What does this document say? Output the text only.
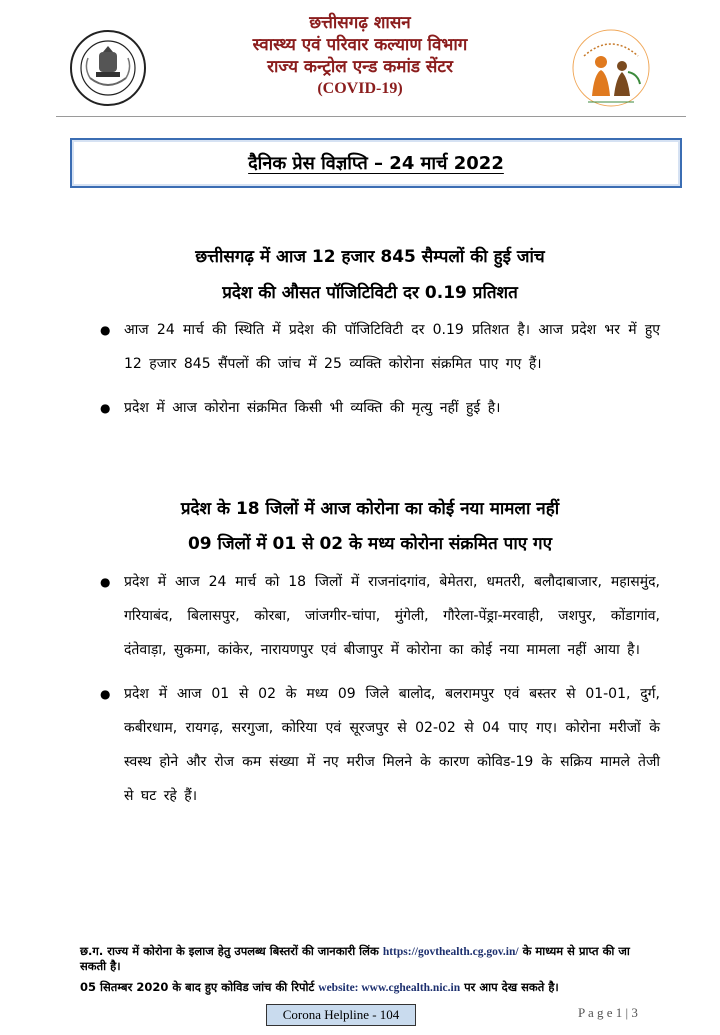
छत्तीसगढ़ शासन
स्वास्थ्य एवं परिवार कल्याण विभाग
राज्य कन्ट्रोल एन्ड कमांड सेंटर
(COVID-19)
दैनिक प्रेस विज्ञप्ति – 24 मार्च 2022
छत्तीसगढ़ में आज 12 हजार 845 सैम्पलों की हुई जांच
प्रदेश की औसत पॉजिटिविटी दर 0.19 प्रतिशत
● आज 24 मार्च की स्थिति में प्रदेश की पॉजिटिविटी दर 0.19 प्रतिशत है। आज प्रदेश भर में हुए 12 हजार 845 सैंपलों की जांच में 25 व्यक्ति कोरोना संक्रमित पाए गए हैं।
● प्रदेश में आज कोरोना संक्रमित किसी भी व्यक्ति की मृत्यु नहीं हुई है।
प्रदेश के 18 जिलों में आज कोरोना का कोई नया मामला नहीं
09 जिलों में 01 से 02 के मध्य कोरोना संक्रमित पाए गए
● प्रदेश में आज 24 मार्च को 18 जिलों में राजनांदगांव, बेमेतरा, धमतरी, बलौदाबाजार, महासमुंद, गरियाबंद, बिलासपुर, कोरबा, जांजगीर-चांपा, मुंगेली, गौरेला-पेंड्रा-मरवाही, जशपुर, कोंडागांव, दंतेवाड़ा, सुकमा, कांकेर, नारायणपुर एवं बीजापुर में कोरोना का कोई नया मामला नहीं आया है।
● प्रदेश में आज 01 से 02 के मध्य 09 जिले बालोद, बलरामपुर एवं बस्तर से 01-01, दुर्ग, कबीरधाम, रायगढ़, सरगुजा, कोरिया एवं सूरजपुर से 02-02 से 04 पाए गए। कोरोना मरीजों के स्वस्थ होने और रोज कम संख्या में नए मरीज मिलने के कारण कोविड-19 के सक्रिय मामले तेजी से घट रहे हैं।
छ.ग. राज्य में कोरोना के इलाज हेतु उपलब्ध बिस्तरों की जानकारी लिंक https://govthealth.cg.gov.in/ के माध्यम से प्राप्त की जा सकती है।
05 सितम्बर 2020 के बाद हुए कोविड जांच की रिपोर्ट website: www.cghealth.nic.in पर आप देख सकते है।
Corona Helpline - 104	P a g e 1 | 3
